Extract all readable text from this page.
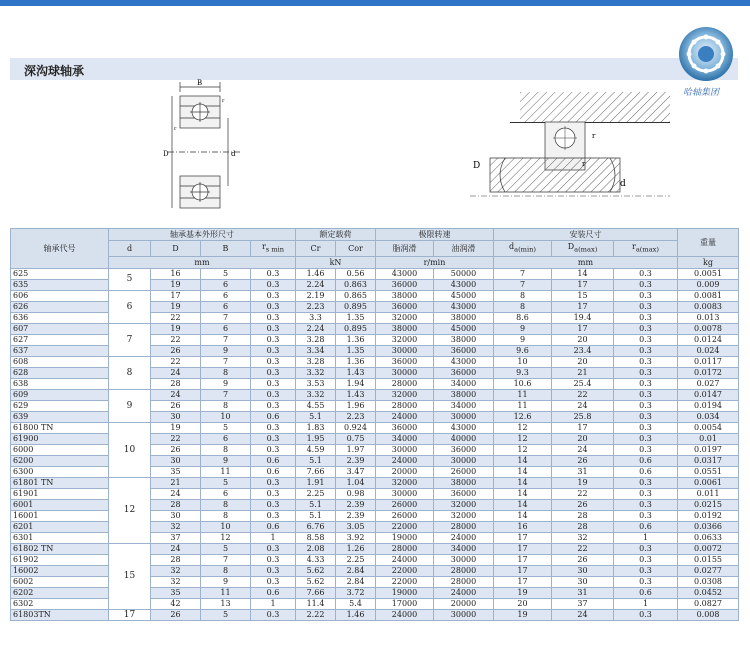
深沟球轴承
哈轴集团
B
D	d
r
r
D
r
r
d
轴承代号	轴承基本外形尺寸				额定载荷		极限转速		安装尺寸			重量
	d	D	B	$r_{s min}$	Cr	Cor	脂润滑	油润滑	$d_{a(min)}$	$D_{a(max)}$	$r_{a(max)}$
	mm				kN		r/min		mm			kg
625	5	16	5	0.3	1.46	0.56	43000	50000	7	14	0.3	0.0051
635		19	6	0.3	2.24	0.863	36000	43000	7	17	0.3	0.009
606	6	17	6	0.3	2.19	0.865	38000	45000	8	15	0.3	0.0081
626		19	6	0.3	2.23	0.895	36000	43000	8	17	0.3	0.0083
636		22	7	0.3	3.3	1.35	32000	38000	8.6	19.4	0.3	0.013
607	7	19	6	0.3	2.24	0.895	38000	45000	9	17	0.3	0.0078
627		22	7	0.3	3.28	1.36	32000	38000	9	20	0.3	0.0124
637		26	9	0.3	3.34	1.35	30000	36000	9.6	23.4	0.3	0.024
608	8	22	7	0.3	3.28	1.36	36000	43000	10	20	0.3	0.0117
628		24	8	0.3	3.32	1.43	30000	36000	9.3	21	0.3	0.0172
638		28	9	0.3	3.53	1.94	28000	34000	10.6	25.4	0.3	0.027
609	9	24	7	0.3	3.32	1.43	32000	38000	11	22	0.3	0.0147
629		26	8	0.3	4.55	1.96	28000	34000	11	24	0.3	0.0194
639		30	10	0.6	5.1	2.23	24000	30000	12.6	25.8	0.3	0.034
61800 TN	10	19	5	0.3	1.83	0.924	36000	43000	12	17	0.3	0.0054
61900		22	6	0.3	1.95	0.75	34000	40000	12	20	0.3	0.01
6000		26	8	0.3	4.59	1.97	30000	36000	12	24	0.3	0.0197
6200		30	9	0.6	5.1	2.39	24000	30000	14	26	0.6	0.0317
6300		35	11	0.6	7.66	3.47	20000	26000	14	31	0.6	0.0551
61801 TN	12	21	5	0.3	1.91	1.04	32000	38000	14	19	0.3	0.0061
61901		24	6	0.3	2.25	0.98	30000	36000	14	22	0.3	0.011
6001		28	8	0.3	5.1	2.39	26000	32000	14	26	0.3	0.0215
16001		30	8	0.3	5.1	2.39	26000	32000	14	28	0.3	0.0192
6201		32	10	0.6	6.76	3.05	22000	28000	16	28	0.6	0.0366
6301		37	12	1	8.58	3.92	19000	24000	17	32	1	0.0633
61802 TN	15	24	5	0.3	2.08	1.26	28000	34000	17	22	0.3	0.0072
61902		28	7	0.3	4.33	2.25	24000	30000	17	26	0.3	0.0155
16002		32	8	0.3	5.62	2.84	22000	28000	17	30	0.3	0.0277
6002		32	9	0.3	5.62	2.84	22000	28000	17	30	0.3	0.0308
6202		35	11	0.6	7.66	3.72	19000	24000	19	31	0.6	0.0452
6302		42	13	1	11.4	5.4	17000	20000	20	37	1	0.0827
61803TN	17	26	5	0.3	2.22	1.46	24000	30000	19	24	0.3	0.008
